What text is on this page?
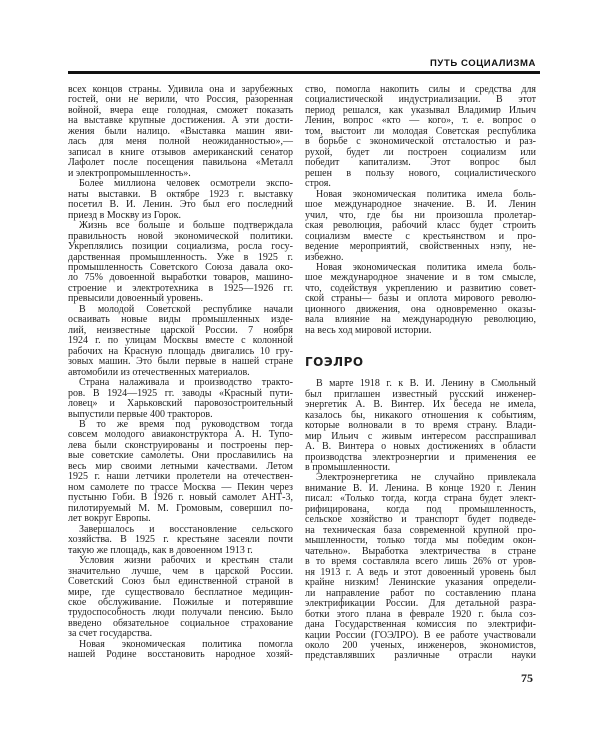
ПУТЬ СОЦИАЛИЗМА
всех концов страны. Удивила она и зарубежных
гостей, они не верили, что Россия, разоренная
войной, вчера еще голодная, сможет показать
на выставке крупные достижения. А эти дости-
жения были налицо. «Выставка машин яви-
лась для меня полной неожиданностью»,—
записал в книге отзывов американский сенатор
Лафолет после посещения павильона «Металл
и электропромышленность».
Более миллиона человек осмотрели экспо-
наты выставки. В октябре 1923 г. выставку
посетил В. И. Ленин. Это был его последний
приезд в Москву из Горок.
Жизнь все больше и больше подтверждала
правильность новой экономической политики.
Укреплялись позиции социализма, росла госу-
дарственная промышленность. Уже в 1925 г.
промышленность Советского Союза давала око-
ло 75% довоенной выработки товаров, машино-
строение и электротехника в 1925—1926 гг.
превысили довоенный уровень.
В молодой Советской республике начали
осваивать новые виды промышленных изде-
лий, неизвестные царской России. 7 ноября
1924 г. по улицам Москвы вместе с колонной
рабочих на Красную площадь двигались 10 гру-
зовых машин. Это были первые в нашей стране
автомобили из отечественных материалов.
Страна налаживала и производство тракто-
ров. В 1924—1925 гг. заводы «Красный пути-
ловец» и Харьковский паровозостроительный
выпустили первые 400 тракторов.
В то же время под руководством тогда
совсем молодого авиаконструктора А. Н. Тупо-
лева были сконструированы и построены пер-
вые советские самолеты. Они прославились на
весь мир своими летными качествами. Летом
1925 г. наши летчики пролетели на отечествен-
ном самолете по трассе Москва — Пекин через
пустыню Гоби. В 1926 г. новый самолет АНТ-3,
пилотируемый М. М. Громовым, совершил по-
лет вокруг Европы.
Завершалось и восстановление сельского
хозяйства. В 1925 г. крестьяне засеяли почти
такую же площадь, как в довоенном 1913 г.
Условия жизни рабочих и крестьян стали
значительно лучше, чем в царской России.
Советский Союз был единственной страной в
мире, где существовало бесплатное медицин-
ское обслуживание. Пожилые и потерявшие
трудоспособность люди получали пенсию. Было
введено обязательное социальное страхование
за счет государства.
Новая экономическая политика помогла
нашей Родине восстановить народное хозяй-
ство, помогла накопить силы и средства для
социалистической индустриализации. В этот
период решался, как указывал Владимир Ильич
Ленин, вопрос «кто — кого», т. е. вопрос о
том, выстоит ли молодая Советская республика
в борьбе с экономической отсталостью и раз-
рухой, будет ли построен социализм или
победит капитализм. Этот вопрос был
решен в пользу нового, социалистического
строя.
Новая экономическая политика имела боль-
шое международное значение. В. И. Ленин
учил, что, где бы ни произошла пролетар-
ская революция, рабочий класс будет строить
социализм вместе с крестьянством и про-
ведение мероприятий, свойственных нэпу, не-
избежно.
Новая экономическая политика имела боль-
шое международное значение и в том смысле,
что, содействуя укреплению и развитию совет-
ской страны— базы и оплота мирового револю-
ционного движения, она одновременно оказы-
вала влияние на международную революцию,
на весь ход мировой истории.
ГОЭЛРО
В марте 1918 г. к В. И. Ленину в Смольный
был приглашен известный русский инженер-
энергетик А. В. Винтер. Их беседа не имела,
казалось бы, никакого отношения к событиям,
которые волновали в то время страну. Влади-
мир Ильич с живым интересом расспрашивал
А. В. Винтера о новых достижениях в области
производства электроэнергии и применения ее
в промышленности.
Электроэнергетика не случайно привлекала
внимание В. И. Ленина. В конце 1920 г. Ленин
писал: «Только тогда, когда страна будет элект-
рифицирована, когда под промышленность,
сельское хозяйство и транспорт будет подведе-
на техническая база современной крупной про-
мышленности, только тогда мы победим окон-
чательно». Выработка электричества в стране
в то время составляла всего лишь 26% от уров-
ня 1913 г. А ведь и этот довоенный уровень был
крайне низким! Ленинские указания определи-
ли направление работ по составлению плана
электрификации России. Для детальной разра-
ботки этого плана в феврале 1920 г. была соз-
дана Государственная комиссия по электрифи-
кации России (ГОЭЛРО). В ее работе участвовали
около 200 ученых, инженеров, экономистов,
представлявших различные отрасли науки
75
